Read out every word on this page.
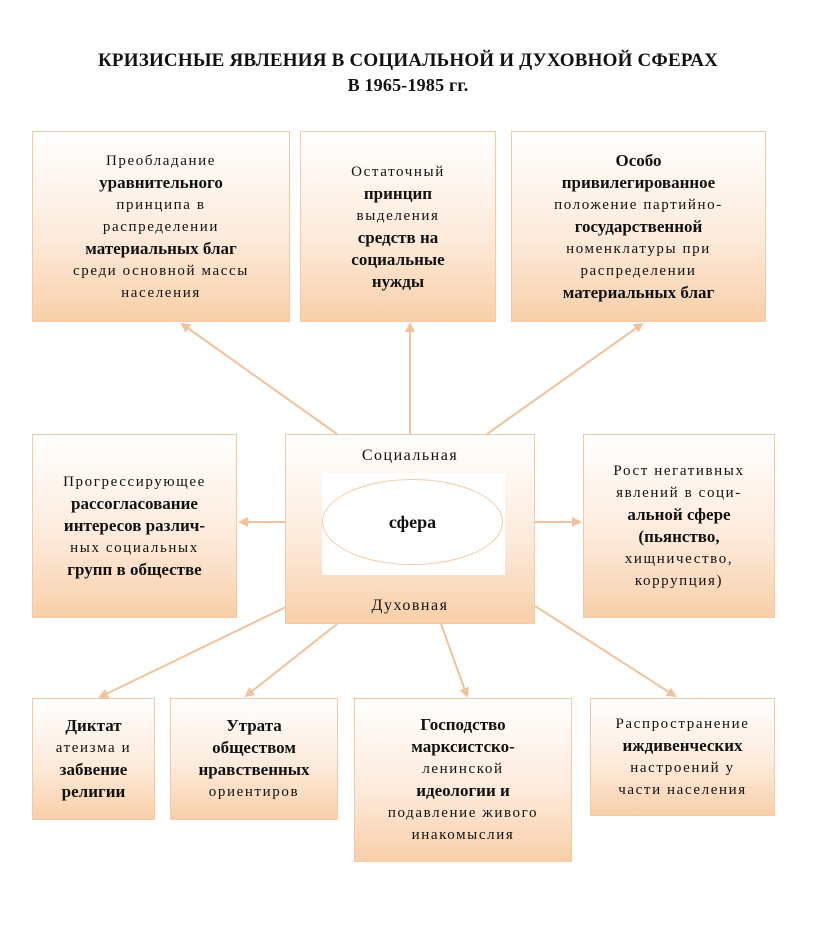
КРИЗИСНЫЕ ЯВЛЕНИЯ В СОЦИАЛЬНОЙ И ДУХОВНОЙ СФЕРАХ
В 1965-1985 гг.
Преобладание
уравнительного
принципа в
распределении
материальных благ
среди основной массы
населения
Остаточный
принцип
выделения
средств на
социальные
нужды
Особо
привилегированное
положение партийно-
государственной
номенклатуры при
распределении
материальных благ
Прогрессирующее
рассогласование
интересов различ-
ных социальных
групп в обществе
Социальная
сфера
Духовная
Рост негативных
явлений в соци-
альной сфере
(пьянство,
хищничество,
коррупция)
Диктат
атеизма и
забвение
религии
Утрата
обществом
нравственных
ориентиров
Господство
марксистско-
ленинской
идеологии и
подавление живого
инакомыслия
Распространение
иждивенческих
настроений у
части населения
